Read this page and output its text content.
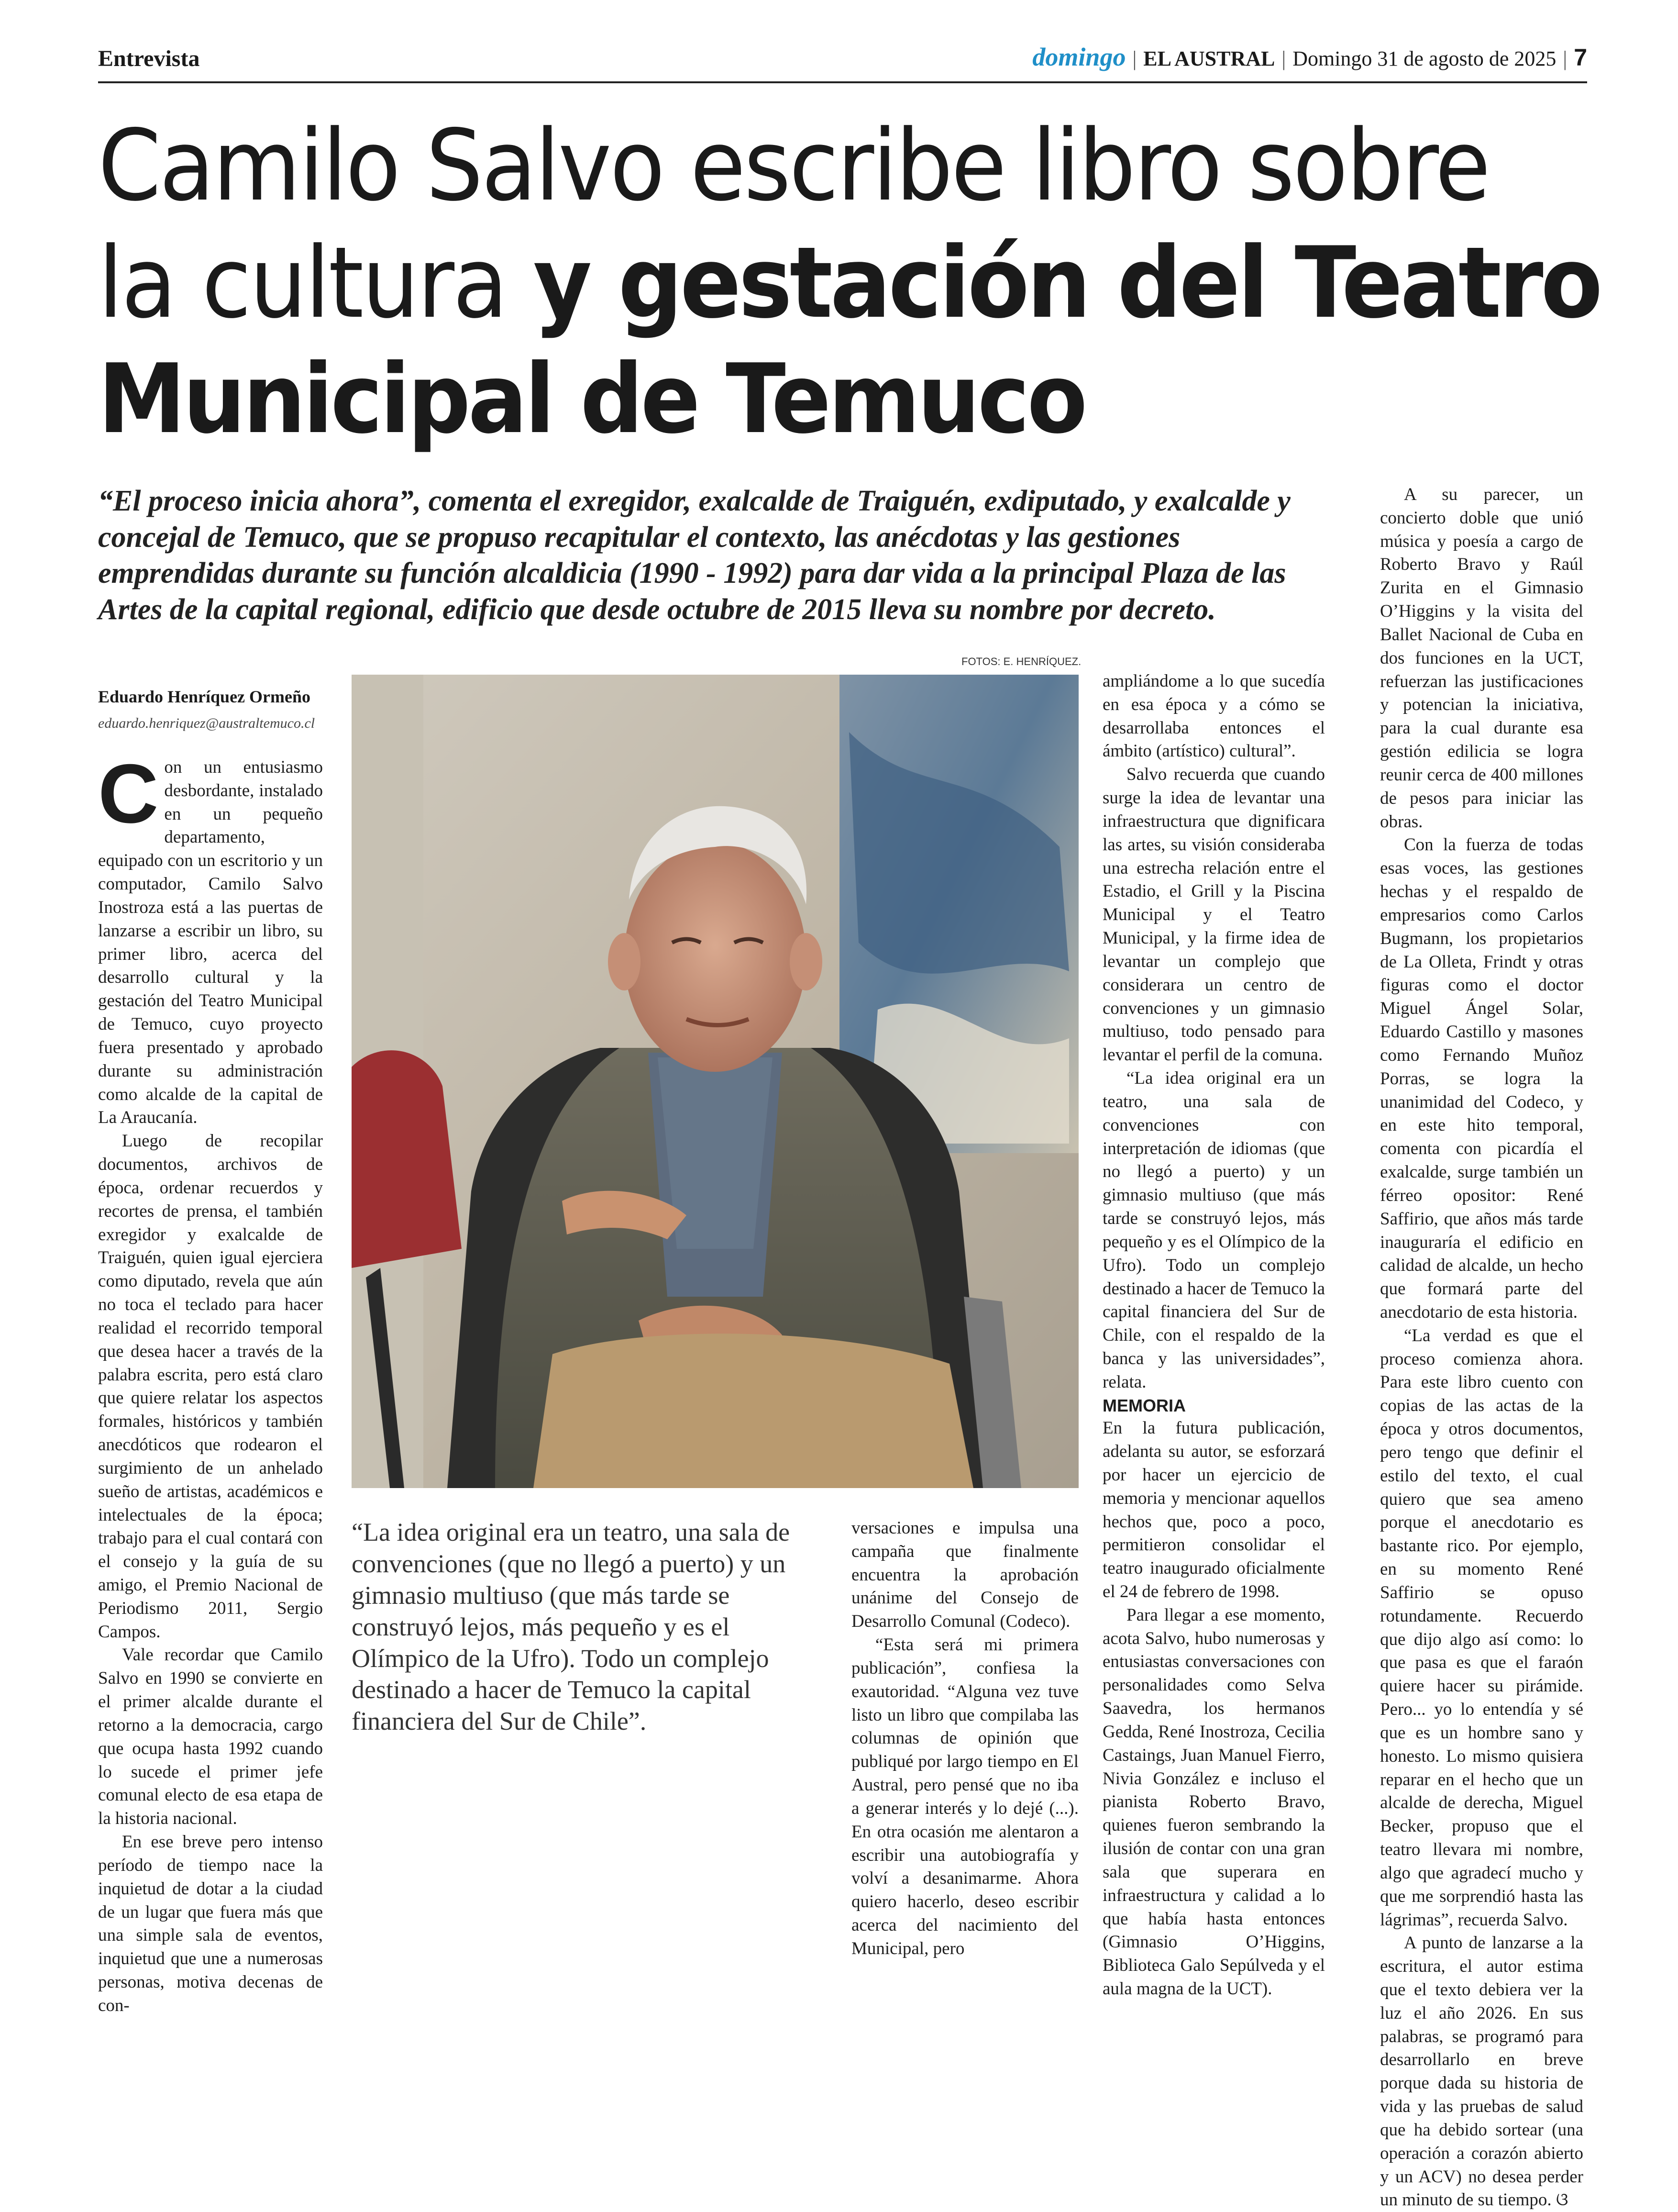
Entrevista	domingo | EL AUSTRAL | Domingo 31 de agosto de 2025 | 7
Camilo Salvo escribe libro sobre
la cultura y gestación del Teatro
Municipal de Temuco
“El proceso inicia ahora”, comenta el exregidor, exalcalde de Traiguén, exdiputado, y exalcalde y concejal de Temuco, que se propuso recapitular el contexto, las anécdotas y las gestiones emprendidas durante su función alcaldicia (1990 - 1992) para dar vida a la principal Plaza de las Artes de la capital regional, edificio que desde octubre de 2015 lleva su nombre por decreto.
Eduardo Henríquez Ormeño
eduardo.henriquez@australtemuco.cl

Con un entusiasmo desbordante, instalado en un pequeño departamento, equipado con un escritorio y un computador, Camilo Salvo Inostroza está a las puertas de lanzarse a escribir un libro, su primer libro, acerca del desarrollo cultural y la gestación del Teatro Municipal de Temuco, cuyo proyecto fuera presentado y aprobado durante su administración como alcalde de la capital de La Araucanía.

Luego de recopilar documentos, archivos de época, ordenar recuerdos y recortes de prensa, el también exregidor y exalcalde de Traiguén, quien igual ejerciera como diputado, revela que aún no toca el teclado para hacer realidad el recorrido temporal que desea hacer a través de la palabra escrita, pero está claro que quiere relatar los aspectos formales, históricos y también anecdóticos que rodearon el surgimiento de un anhelado sueño de artistas, académicos e intelectuales de la época; trabajo para el cual contará con el consejo y la guía de su amigo, el Premio Nacional de Periodismo 2011, Sergio Campos.

Vale recordar que Camilo Salvo en 1990 se convierte en el primer alcalde durante el retorno a la democracia, cargo que ocupa hasta 1992 cuando lo sucede el primer jefe comunal electo de esa etapa de la historia nacional.

En ese breve pero intenso período de tiempo nace la inquietud de dotar a la ciudad de un lugar que fuera más que una simple sala de eventos, inquietud que une a numerosas personas, motiva decenas de con-

FOTOS: E. HENRÍQUEZ.
“La idea original era un teatro, una sala de convenciones (que no llegó a puerto) y un gimnasio multiuso (que más tarde se construyó lejos, más pequeño y es el Olímpico de la Ufro). Todo un complejo destinado a hacer de Temuco la capital financiera del Sur de Chile”.

versaciones e impulsa una campaña que finalmente encuentra la aprobación unánime del Consejo de Desarrollo Comunal (Codeco).

“Esta será mi primera publicación”, confiesa la exautoridad. “Alguna vez tuve listo un libro que compilaba las columnas de opinión que publiqué por largo tiempo en El Austral, pero pensé que no iba a generar interés y lo dejé (...). En otra ocasión me alentaron a escribir una autobiografía y volví a desanimarme. Ahora quiero hacerlo, deseo escribir acerca del nacimiento del Municipal, pero

ampliándome a lo que sucedía en esa época y a cómo se desarrollaba entonces el ámbito (artístico) cultural”.

Salvo recuerda que cuando surge la idea de levantar una infraestructura que dignificara las artes, su visión consideraba una estrecha relación entre el Estadio, el Grill y la Piscina Municipal y el Teatro Municipal, y la firme idea de levantar un complejo que considerara un centro de convenciones y un gimnasio multiuso, todo pensado para levantar el perfil de la comuna.

“La idea original era un teatro, una sala de convenciones con interpretación de idiomas (que no llegó a puerto) y un gimnasio multiuso (que más tarde se construyó lejos, más pequeño y es el Olímpico de la Ufro). Todo un complejo destinado a hacer de Temuco la capital financiera del Sur de Chile, con el respaldo de la banca y las universidades”, relata.

MEMORIA

En la futura publicación, adelanta su autor, se esforzará por hacer un ejercicio de memoria y mencionar aquellos hechos que, poco a poco, permitieron consolidar el teatro inaugurado oficialmente el 24 de febrero de 1998.

Para llegar a ese momento, acota Salvo, hubo numerosas y entusiastas conversaciones con personalidades como Selva Saavedra, los hermanos Gedda, René Inostroza, Cecilia Castaings, Juan Manuel Fierro, Nivia González e incluso el pianista Roberto Bravo, quienes fueron sembrando la ilusión de contar con una gran sala que superara en infraestructura y calidad a lo que había hasta entonces (Gimnasio O’Higgins, Biblioteca Galo Sepúlveda y el aula magna de la UCT).

A su parecer, un concierto doble que unió música y poesía a cargo de Roberto Bravo y Raúl Zurita en el Gimnasio O’Higgins y la visita del Ballet Nacional de Cuba en dos funciones en la UCT, refuerzan las justificaciones y potencian la iniciativa, para la cual durante esa gestión edilicia se logra reunir cerca de 400 millones de pesos para iniciar las obras.

Con la fuerza de todas esas voces, las gestiones hechas y el respaldo de empresarios como Carlos Bugmann, los propietarios de La Olleta, Frindt y otras figuras como el doctor Miguel Ángel Solar, Eduardo Castillo y masones como Fernando Muñoz Porras, se logra la unanimidad del Codeco, y en este hito temporal, comenta con picardía el exalcalde, surge también un férreo opositor: René Saffirio, que años más tarde inauguraría el edificio en calidad de alcalde, un hecho que formará parte del anecdotario de esta historia.

“La verdad es que el proceso comienza ahora. Para este libro cuento con copias de las actas de la época y otros documentos, pero tengo que definir el estilo del texto, el cual quiero que sea ameno porque el anecdotario es bastante rico. Por ejemplo, en su momento René Saffirio se opuso rotundamente. Recuerdo que dijo algo así como: lo que pasa es que el faraón quiere hacer su pirámide. Pero... yo lo entendía y sé que es un hombre sano y honesto. Lo mismo quisiera reparar en el hecho que un alcalde de derecha, Miguel Becker, propuso que el teatro llevara mi nombre, algo que agradecí mucho y que me sorprendió hasta las lágrimas”, recuerda Salvo.

A punto de lanzarse a la escritura, el autor estima que el texto debiera ver la luz el año 2026. En sus palabras, se programó para desarrollarlo en breve porque dada su historia de vida y las pruebas de salud que ha debido sortear (una operación a corazón abierto y un ACV) no desea perder un minuto de su tiempo. ଓ
